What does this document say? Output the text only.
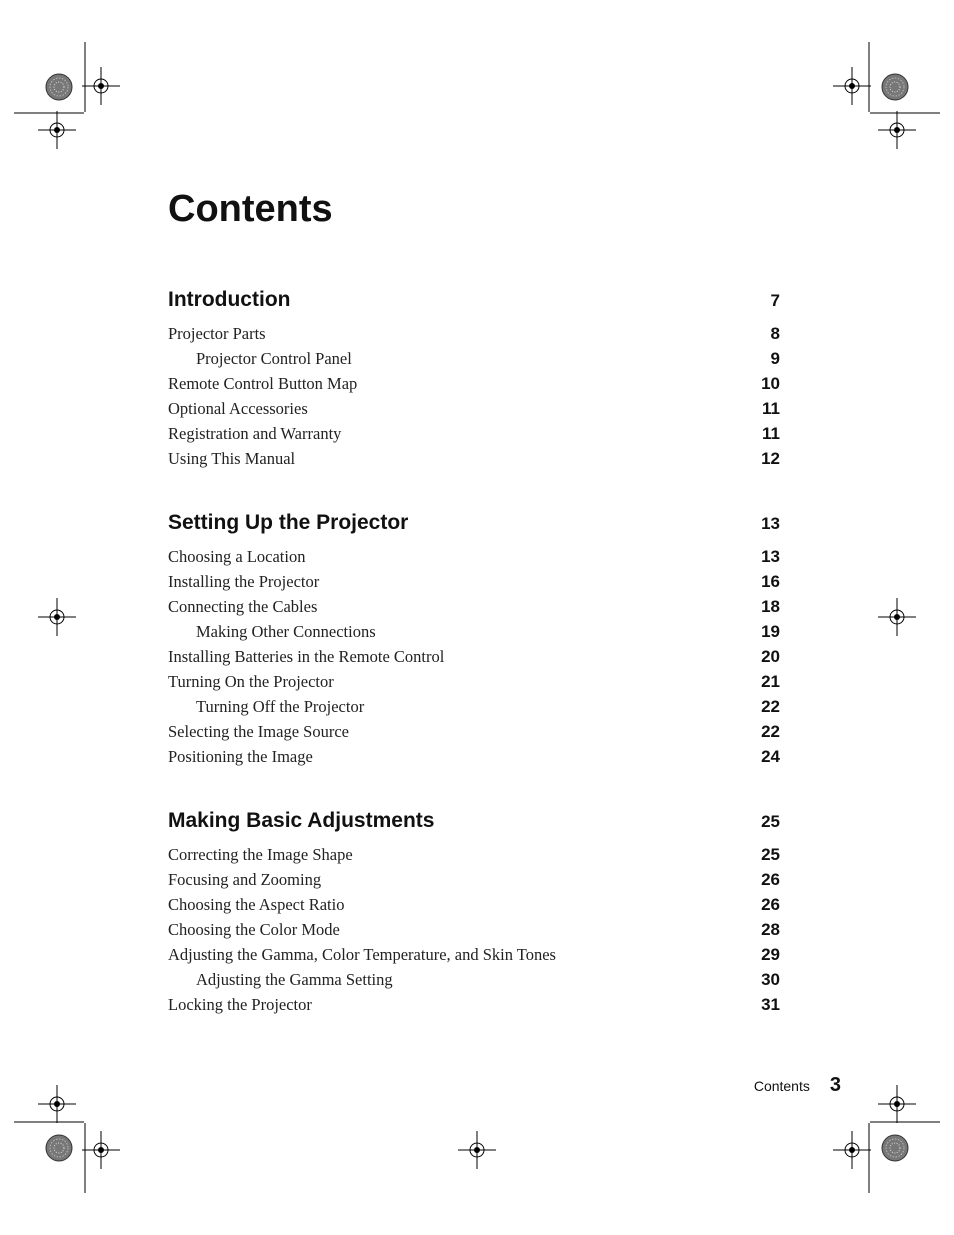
Contents
Introduction	7
Projector Parts	8
Projector Control Panel	9
Remote Control Button Map	10
Optional Accessories	11
Registration and Warranty	11
Using This Manual	12
Setting Up the Projector	13
Choosing a Location	13
Installing the Projector	16
Connecting the Cables	18
Making Other Connections	19
Installing Batteries in the Remote Control	20
Turning On the Projector	21
Turning Off the Projector	22
Selecting the Image Source	22
Positioning the Image	24
Making Basic Adjustments	25
Correcting the Image Shape	25
Focusing and Zooming	26
Choosing the Aspect Ratio	26
Choosing the Color Mode	28
Adjusting the Gamma, Color Temperature, and Skin Tones	29
Adjusting the Gamma Setting	30
Locking the Projector	31
Contents 3
